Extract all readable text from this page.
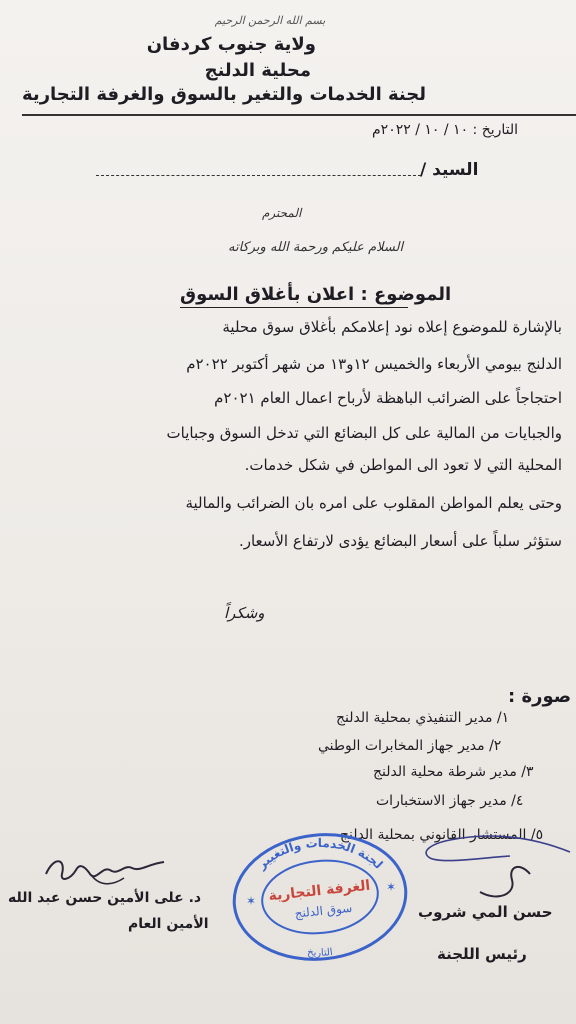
بسم الله الرحمن الرحيم
ولاية جنوب كردفان
محلية الدلنج
لجنة الخدمات والتغير بالسوق والغرفة التجارية
التاريخ : ١٠ / ١٠ / ٢٠٢٢م
السيد /
المحترم
السلام عليكم ورحمة الله وبركاته
الموضوع : اعلان بأغلاق السوق
بالإشارة للموضوع إعلاه نود إعلامكم بأغلاق سوق محلية
الدلنج بيومي الأربعاء والخميس ١٢و١٣ من شهر أكتوبر ٢٠٢٢م
احتجاجاً على الضرائب الباهظة لأرباح اعمال العام ٢٠٢١م
والجبايات من المالية على كل البضائع التي تدخل السوق وجبايات
المحلية التي لا تعود الى المواطن في شكل خدمات.
وحتى يعلم المواطن المقلوب على امره بان الضرائب والمالية
ستؤثر سلباً على أسعار البضائع يؤدى لارتفاع الأسعار.
وشكراً
صورة :
١/ مدير التنفيذي بمحلية الدلنج
٢/ مدير جهاز المخابرات الوطني
٣/ مدير شرطة محلية الدلنج
٤/ مدير جهاز الاستخبارات
٥/ المستشار القانوني بمحلية الدلنج
د. على الأمين حسن عبد الله
الأمين العام
حسن المي شروب
رئيس اللجنة
لجنة الخدمات والتغيير
التاريخ
الغرفة التجارية
سوق الدلنج
✶
✶
